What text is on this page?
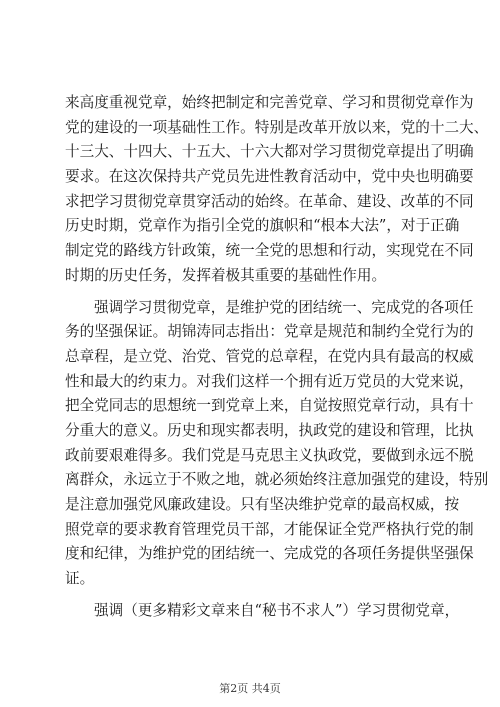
来高度重视党章，始终把制定和完善党章、学习和贯彻党章作为
党的建设的一项基础性工作。特别是改革开放以来，党的十二大、
十三大、十四大、十五大、十六大都对学习贯彻党章提出了明确
要求。在这次保持共产党员先进性教育活动中，党中央也明确要
求把学习贯彻党章贯穿活动的始终。在革命、建设、改革的不同
历史时期，党章作为指引全党的旗帜和“根本大法”，对于正确
制定党的路线方针政策，统一全党的思想和行动，实现党在不同
时期的历史任务，发挥着极其重要的基础性作用。
强调学习贯彻党章，是维护党的团结统一、完成党的各项任
务的坚强保证。胡锦涛同志指出：党章是规范和制约全党行为的
总章程，是立党、治党、管党的总章程，在党内具有最高的权威
性和最大的约束力。对我们这样一个拥有近万党员的大党来说，
把全党同志的思想统一到党章上来，自觉按照党章行动，具有十
分重大的意义。历史和现实都表明，执政党的建设和管理，比执
政前要艰难得多。我们党是马克思主义执政党，要做到永远不脱
离群众，永远立于不败之地，就必须始终注意加强党的建设，特别
是注意加强党风廉政建设。只有坚决维护党章的最高权威，按
照党章的要求教育管理党员干部，才能保证全党严格执行党的制
度和纪律，为维护党的团结统一、完成党的各项任务提供坚强保
证。
强调（更多精彩文章来自“秘书不求人”）学习贯彻党章，
第2页 共4页
